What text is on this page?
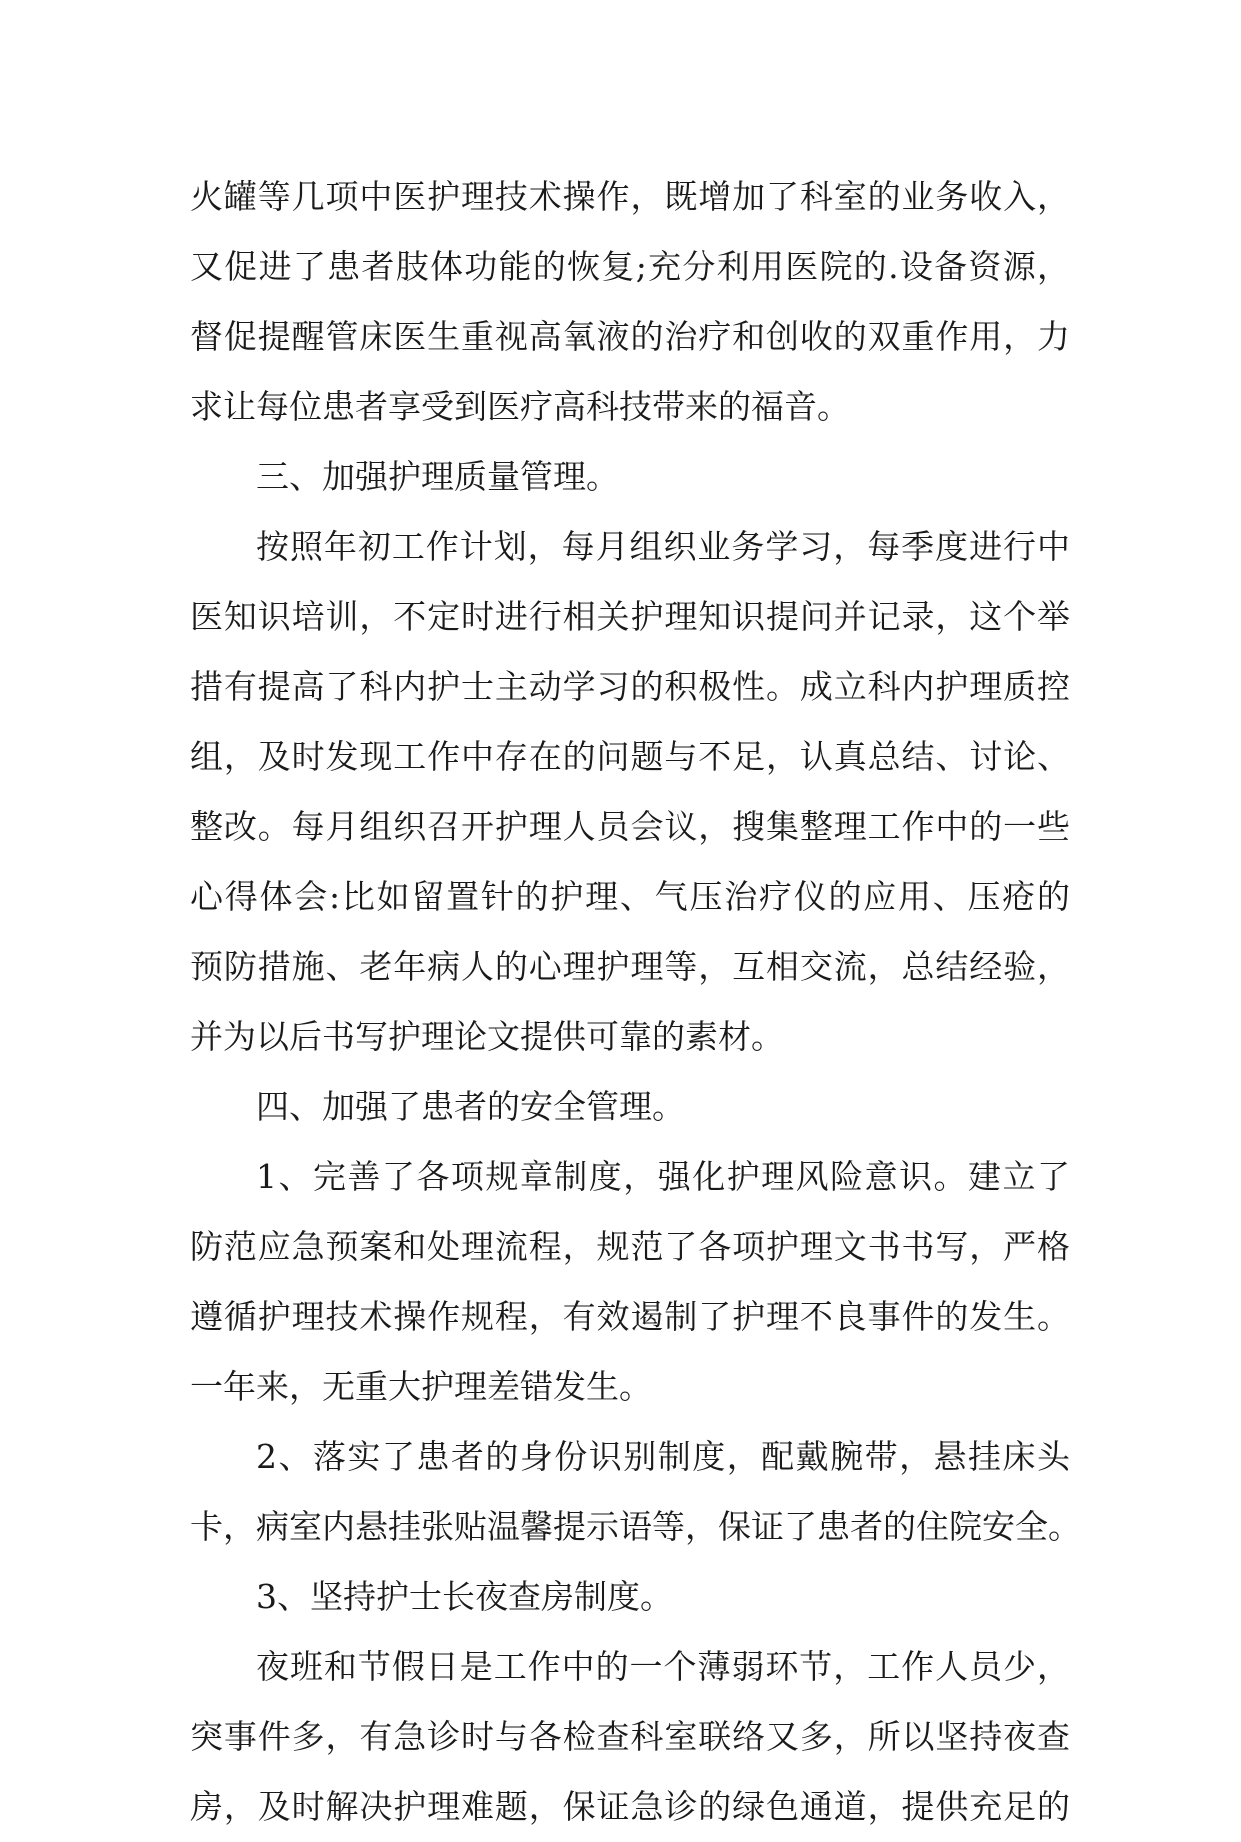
火罐等几项中医护理技术操作，既增加了科室的业务收入，
又促进了患者肢体功能的恢复;充分利用医院的.设备资源，
督促提醒管床医生重视高氧液的治疗和创收的双重作用，力
求让每位患者享受到医疗高科技带来的福音。
三、加强护理质量管理。
按照年初工作计划，每月组织业务学习，每季度进行中
医知识培训，不定时进行相关护理知识提问并记录，这个举
措有提高了科内护士主动学习的积极性。成立科内护理质控
组，及时发现工作中存在的问题与不足，认真总结、讨论、
整改。每月组织召开护理人员会议，搜集整理工作中的一些
心得体会:比如留置针的护理、气压治疗仪的应用、压疮的
预防措施、老年病人的心理护理等，互相交流，总结经验，
并为以后书写护理论文提供可靠的素材。
四、加强了患者的安全管理。
1、完善了各项规章制度，强化护理风险意识。建立了
防范应急预案和处理流程，规范了各项护理文书书写，严格
遵循护理技术操作规程，有效遏制了护理不良事件的发生。
一年来，无重大护理差错发生。
2、落实了患者的身份识别制度，配戴腕带，悬挂床头
卡，病室内悬挂张贴温馨提示语等，保证了患者的住院安全。
3、坚持护士长夜查房制度。
夜班和节假日是工作中的一个薄弱环节，工作人员少，
突事件多，有急诊时与各检查科室联络又多，所以坚持夜查
房，及时解决护理难题，保证急诊的绿色通道，提供充足的
